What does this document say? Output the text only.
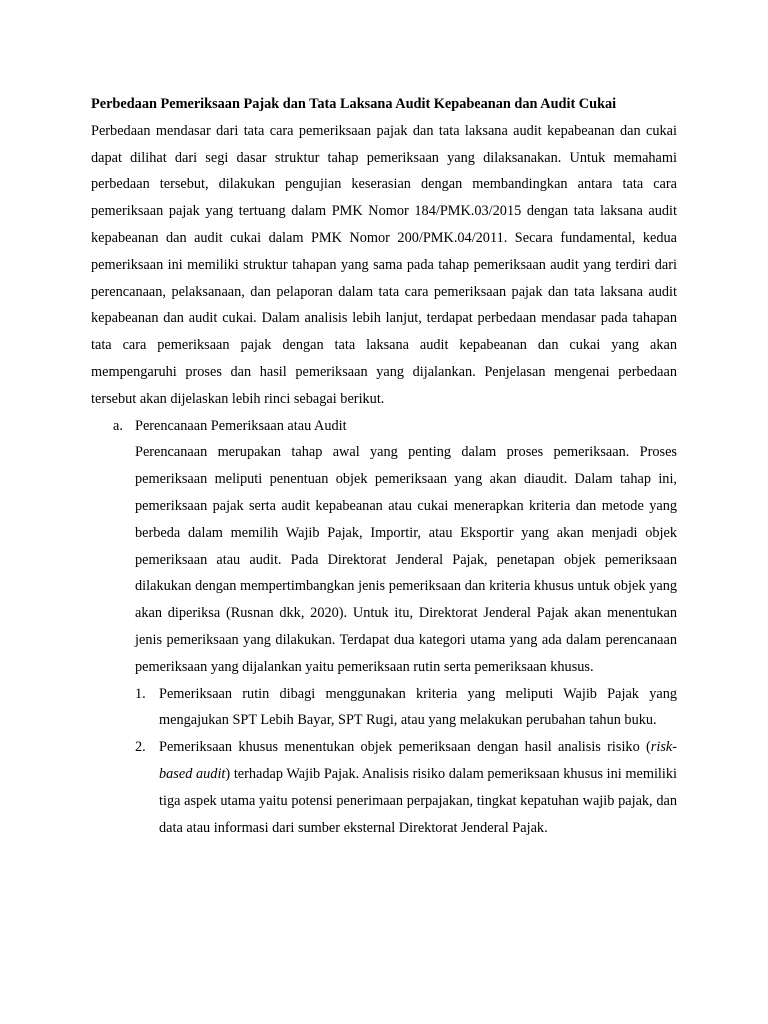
Perbedaan Pemeriksaan Pajak dan Tata Laksana Audit Kepabeanan dan Audit Cukai

Perbedaan mendasar dari tata cara pemeriksaan pajak dan tata laksana audit kepabeanan dan cukai dapat dilihat dari segi dasar struktur tahap pemeriksaan yang dilaksanakan. Untuk memahami perbedaan tersebut, dilakukan pengujian keserasian dengan membandingkan antara tata cara pemeriksaan pajak yang tertuang dalam PMK Nomor 184/PMK.03/2015 dengan tata laksana audit kepabeanan dan audit cukai dalam PMK Nomor 200/PMK.04/2011. Secara fundamental, kedua pemeriksaan ini memiliki struktur tahapan yang sama pada tahap pemeriksaan audit yang terdiri dari perencanaan, pelaksanaan, dan pelaporan dalam tata cara pemeriksaan pajak dan tata laksana audit kepabeanan dan audit cukai. Dalam analisis lebih lanjut, terdapat perbedaan mendasar pada tahapan tata cara pemeriksaan pajak dengan tata laksana audit kepabeanan dan cukai yang akan mempengaruhi proses dan hasil pemeriksaan yang dijalankan. Penjelasan mengenai perbedaan tersebut akan dijelaskan lebih rinci sebagai berikut.

a. Perencanaan Pemeriksaan atau Audit

Perencanaan merupakan tahap awal yang penting dalam proses pemeriksaan. Proses pemeriksaan meliputi penentuan objek pemeriksaan yang akan diaudit. Dalam tahap ini, pemeriksaan pajak serta audit kepabeanan atau cukai menerapkan kriteria dan metode yang berbeda dalam memilih Wajib Pajak, Importir, atau Eksportir yang akan menjadi objek pemeriksaan atau audit. Pada Direktorat Jenderal Pajak, penetapan objek pemeriksaan dilakukan dengan mempertimbangkan jenis pemeriksaan dan kriteria khusus untuk objek yang akan diperiksa (Rusnan dkk, 2020). Untuk itu, Direktorat Jenderal Pajak akan menentukan jenis pemeriksaan yang dilakukan. Terdapat dua kategori utama yang ada dalam perencanaan pemeriksaan yang dijalankan yaitu pemeriksaan rutin serta pemeriksaan khusus.

1. Pemeriksaan rutin dibagi menggunakan kriteria yang meliputi Wajib Pajak yang mengajukan SPT Lebih Bayar, SPT Rugi, atau yang melakukan perubahan tahun buku.
2. Pemeriksaan khusus menentukan objek pemeriksaan dengan hasil analisis risiko (risk-based audit) terhadap Wajib Pajak. Analisis risiko dalam pemeriksaan khusus ini memiliki tiga aspek utama yaitu potensi penerimaan perpajakan, tingkat kepatuhan wajib pajak, dan data atau informasi dari sumber eksternal Direktorat Jenderal Pajak.
